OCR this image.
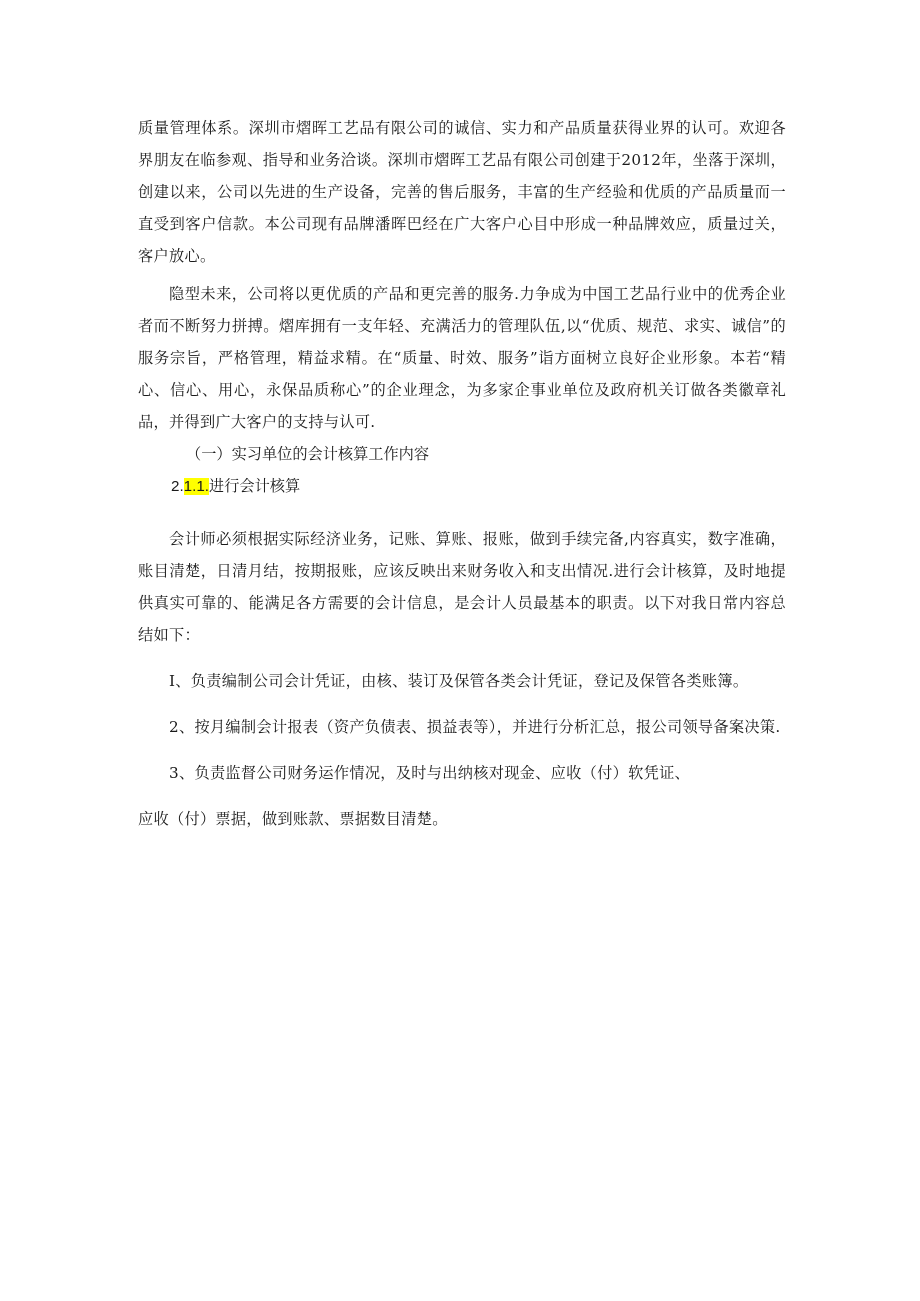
质量管理体系。深圳市熠晖工艺品有限公司的诚信、实力和产品质量获得业界的认可。欢迎各界朋友在临参观、指导和业务洽谈。深圳市熠晖工艺品有限公司创建于2012年，坐落于深圳，创建以来，公司以先进的生产设备，完善的售后服务，丰富的生产经验和优质的产品质量而一直受到客户信款。本公司现有品牌潘晖巴经在广大客户心目中形成一种品牌效应，质量过关，客户放心。

隐型未来，公司将以更优质的产品和更完善的服务.力争成为中国工艺品行业中的优秀企业者而不断努力拼搏。熠库拥有一支年轻、充满活力的管理队伍,以“优质、规范、求实、诚信”的服务宗旨，严格管理，精益求精。在“质量、时效、服务”诣方面树立良好企业形象。本若“精心、信心、用心，永保品质称心”的企业理念，为多家企事业单位及政府机关订做各类徽章礼品，并得到广大客户的支持与认可.

（一）实习单位的会计核算工作内容

2.1.1.进行会计核算

会计师必须根据实际经济业务，记账、算账、报账，做到手续完备,内容真实，数字准确，账目清楚，日清月结，按期报账，应该反映出来财务收入和支出情况.进行会计核算，及时地提供真实可靠的、能满足各方需要的会计信息，是会计人员最基本的职责。以下对我日常内容总结如下：

I、负责编制公司会计凭证，由核、装订及保管各类会计凭证，登记及保管各类账簿。

2、按月编制会计报表（资产负债表、损益表等），并进行分析汇总，报公司领导备案决策.

3、负责监督公司财务运作情况，及时与出纳核对现金、应收（付）软凭证、

应收（付）票据，做到账款、票据数目清楚。
